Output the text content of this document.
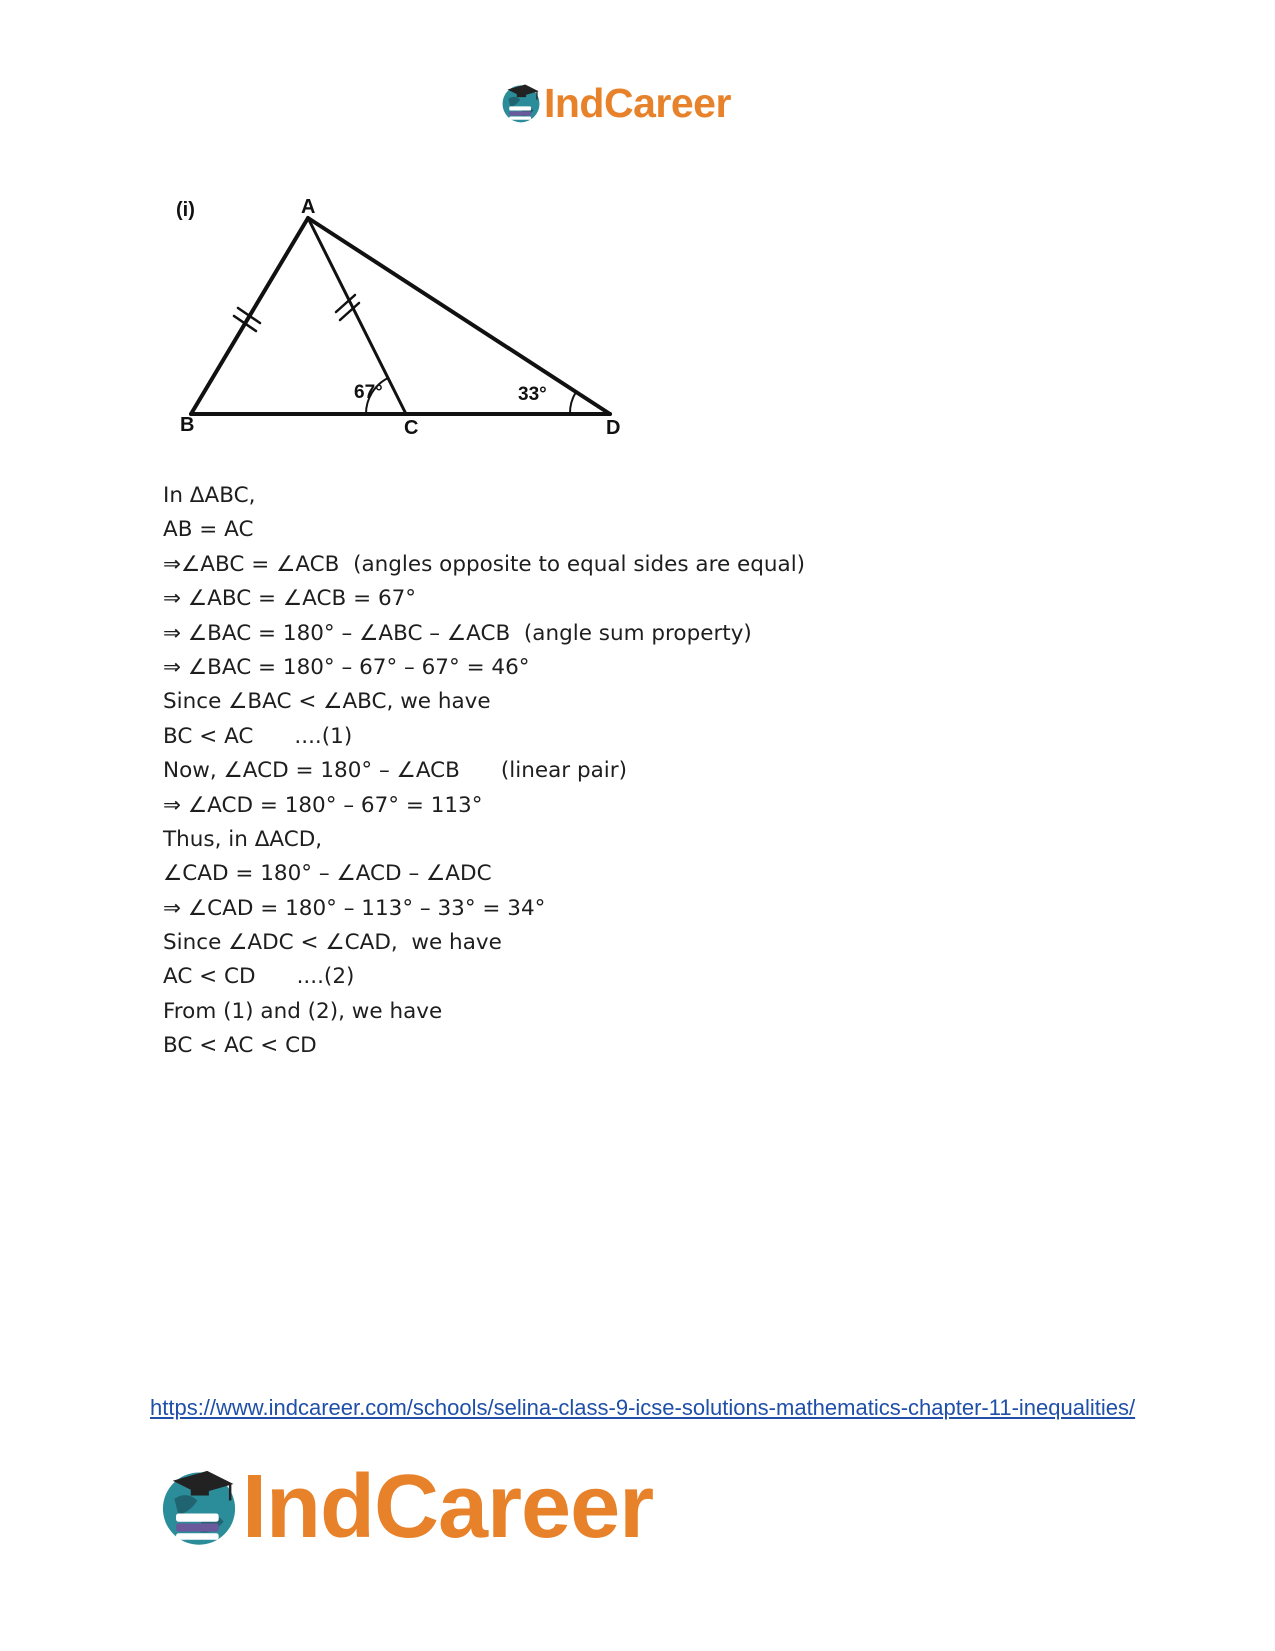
IndCareer
(i)	A
B	C	D
67°	33°
In ΔABC,
AB = AC
⇒∠ABC = ∠ACB  (angles opposite to equal sides are equal)
⇒ ∠ABC = ∠ACB = 67°
⇒ ∠BAC = 180° – ∠ABC – ∠ACB  (angle sum property)
⇒ ∠BAC = 180° – 67° – 67° = 46°
Since ∠BAC < ∠ABC, we have
BC < AC      ....(1)
Now, ∠ACD = 180° – ∠ACB      (linear pair)
⇒ ∠ACD = 180° – 67° = 113°
Thus, in ΔACD,
∠CAD = 180° – ∠ACD – ∠ADC
⇒ ∠CAD = 180° – 113° – 33° = 34°
Since ∠ADC < ∠CAD,  we have
AC < CD      ....(2)
From (1) and (2), we have
BC < AC < CD
https://www.indcareer.com/schools/selina-class-9-icse-solutions-mathematics-chapter-11-inequalities/
IndCareer
